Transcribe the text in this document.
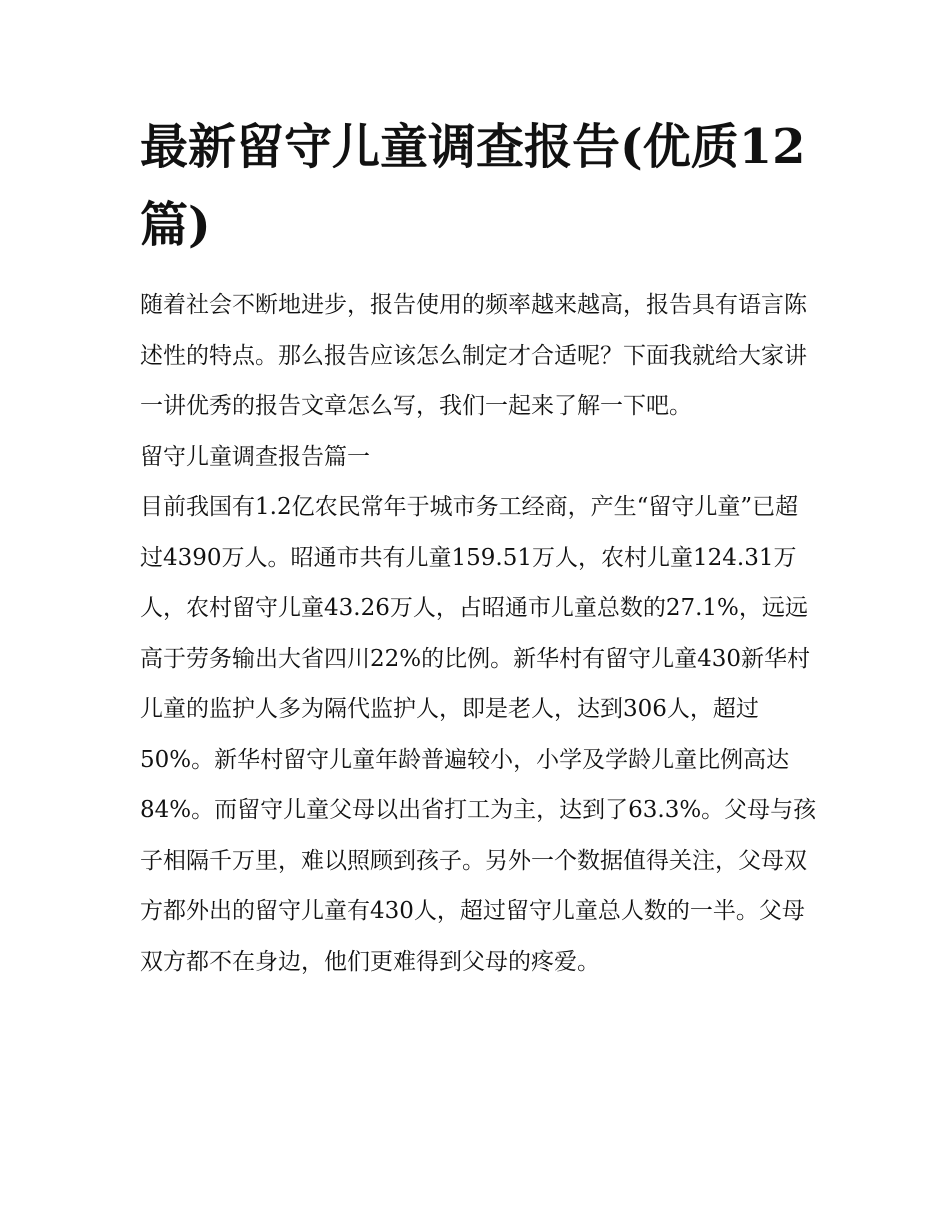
最新留守儿童调查报告(优质12篇)

随着社会不断地进步，报告使用的频率越来越高，报告具有语言陈述性的特点。那么报告应该怎么制定才合适呢？下面我就给大家讲一讲优秀的报告文章怎么写，我们一起来了解一下吧。

留守儿童调查报告篇一

目前我国有1.2亿农民常年于城市务工经商，产生“留守儿童”已超过4390万人。昭通市共有儿童159.51万人，农村儿童124.31万人，农村留守儿童43.26万人，占昭通市儿童总数的27.1%，远远高于劳务输出大省四川22%的比例。新华村有留守儿童430新华村儿童的监护人多为隔代监护人，即是老人，达到306人，超过50%。新华村留守儿童年龄普遍较小，小学及学龄儿童比例高达84%。而留守儿童父母以出省打工为主，达到了63.3%。父母与孩子相隔千万里，难以照顾到孩子。另外一个数据值得关注，父母双方都外出的留守儿童有430人，超过留守儿童总人数的一半。父母双方都不在身边，他们更难得到父母的疼爱。
